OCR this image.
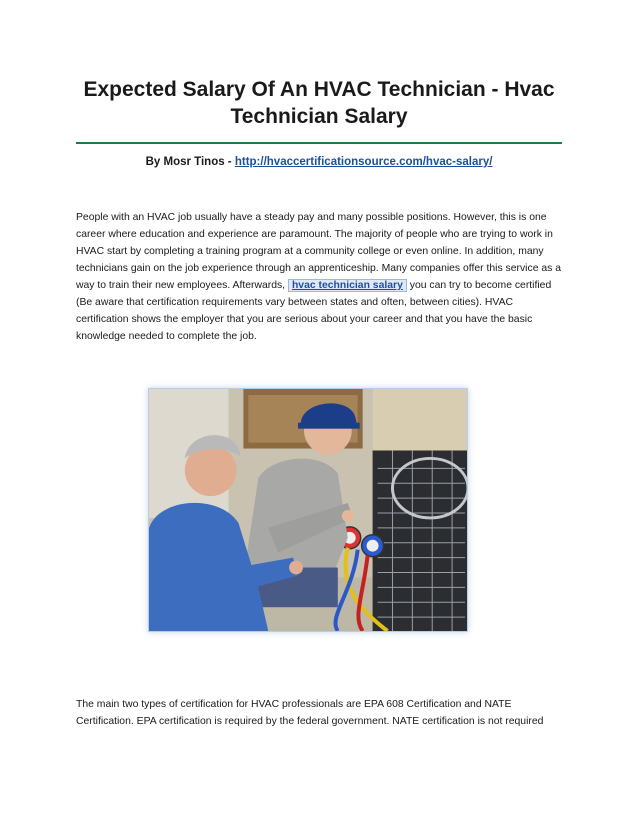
Expected Salary Of An HVAC Technician - Hvac Technician Salary
By Mosr Tinos - http://hvaccertificationsource.com/hvac-salary/

People with an HVAC job usually have a steady pay and many possible positions. However, this is one career where education and experience are paramount. The majority of people who are trying to work in HVAC start by completing a training program at a community college or even online. In addition, many technicians gain on the job experience through an apprenticeship. Many companies offer this service as a way to train their new employees. Afterwards, hvac technician salary you can try to become certified (Be aware that certification requirements vary between states and often, between cities). HVAC certification shows the employer that you are serious about your career and that you have the basic knowledge needed to complete the job.

The main two types of certification for HVAC professionals are EPA 608 Certification and NATE Certification. EPA certification is required by the federal government. NATE certification is not required
